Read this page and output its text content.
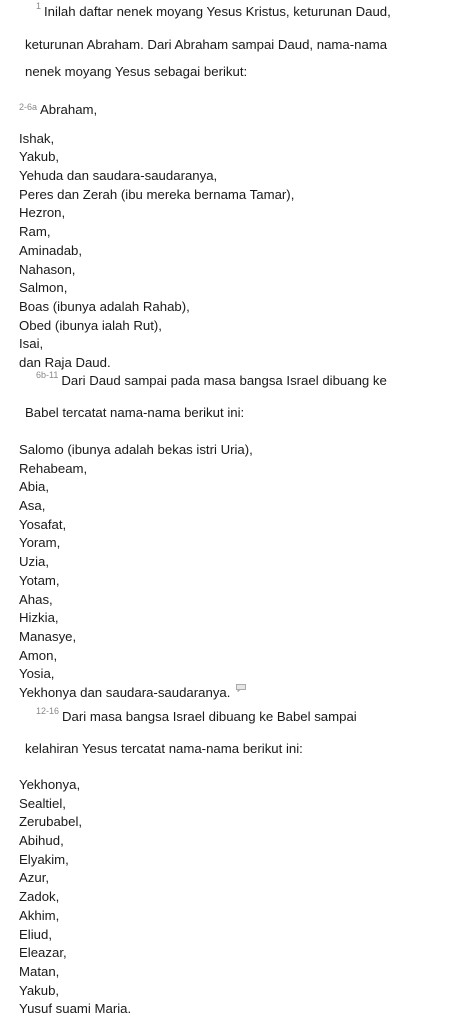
$^1$ Inilah daftar nenek moyang Yesus Kristus, keturunan Daud,
keturunan Abraham. Dari Abraham sampai Daud, nama-nama
nenek moyang Yesus sebagai berikut:
$^{2-6a}$ Abraham,
Ishak,
Yakub,
Yehuda dan saudara-saudaranya,
Peres dan Zerah (ibu mereka bernama Tamar),
Hezron,
Ram,
Aminadab,
Nahason,
Salmon,
Boas (ibunya adalah Rahab),
Obed (ibunya ialah Rut),
Isai,
dan Raja Daud.
$^{6b-11}$ Dari Daud sampai pada masa bangsa Israel dibuang ke
Babel tercatat nama-nama berikut ini:
Salomo (ibunya adalah bekas istri Uria),
Rehabeam,
Abia,
Asa,
Yosafat,
Yoram,
Uzia,
Yotam,
Ahas,
Hizkia,
Manasye,
Amon,
Yosia,
Yekhonya dan saudara-saudaranya.
$^{12-16}$ Dari masa bangsa Israel dibuang ke Babel sampai
kelahiran Yesus tercatat nama-nama berikut ini:
Yekhonya,
Sealtiel,
Zerubabel,
Abihud,
Elyakim,
Azur,
Zadok,
Akhim,
Eliud,
Eleazar,
Matan,
Yakub,
Yusuf suami Maria.
